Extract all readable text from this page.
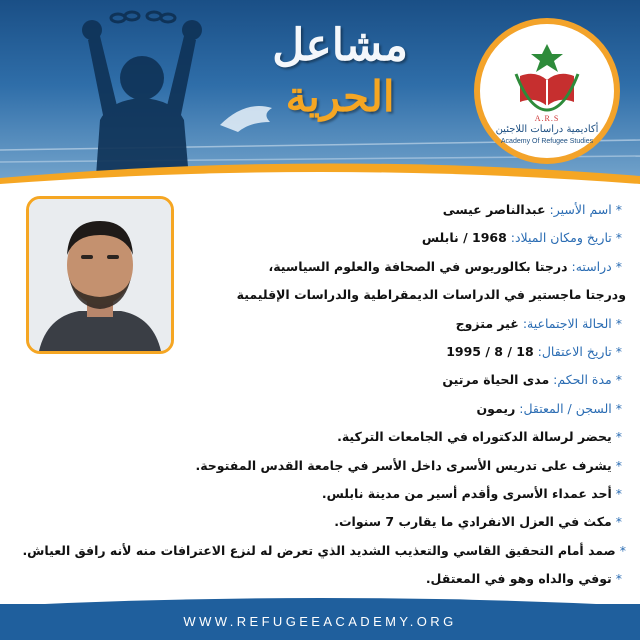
مشاعل
الحرية	A.R.S
أكاديمية دراسات اللاجئين
Academy Of Refugee Studies
*اسم الأسير: عبدالناصر عيسى
*تاريخ ومكان الميلاد: 1968 / نابلس
*دراسته: درجتا بكالوريوس في الصحافة والعلوم السياسية،
ودرجتا ماجستير في الدراسات الديمقراطية والدراسات الإقليمية
*الحالة الاجتماعية: غير متزوج
*تاريخ الاعتقال: 18 / 8 / 1995
*مدة الحكم: مدى الحياة مرتين
*السجن / المعتقل: ريمون
*يحضر لرسالة الدكتوراه في الجامعات التركية.
*يشرف على تدريس الأسرى داخل الأسر في جامعة القدس المفتوحة.
*أحد عمداء الأسرى وأقدم أسير من مدينة نابلس.
*مكث في العزل الانفرادي ما يقارب 7 سنوات.
*صمد أمام التحقيق القاسي والتعذيب الشديد الذي تعرض له لنزع الاعترافات منه لأنه رافق العياش.
*توفي والداه وهو في المعتقل.
WWW.REFUGEEACADEMY.ORG
